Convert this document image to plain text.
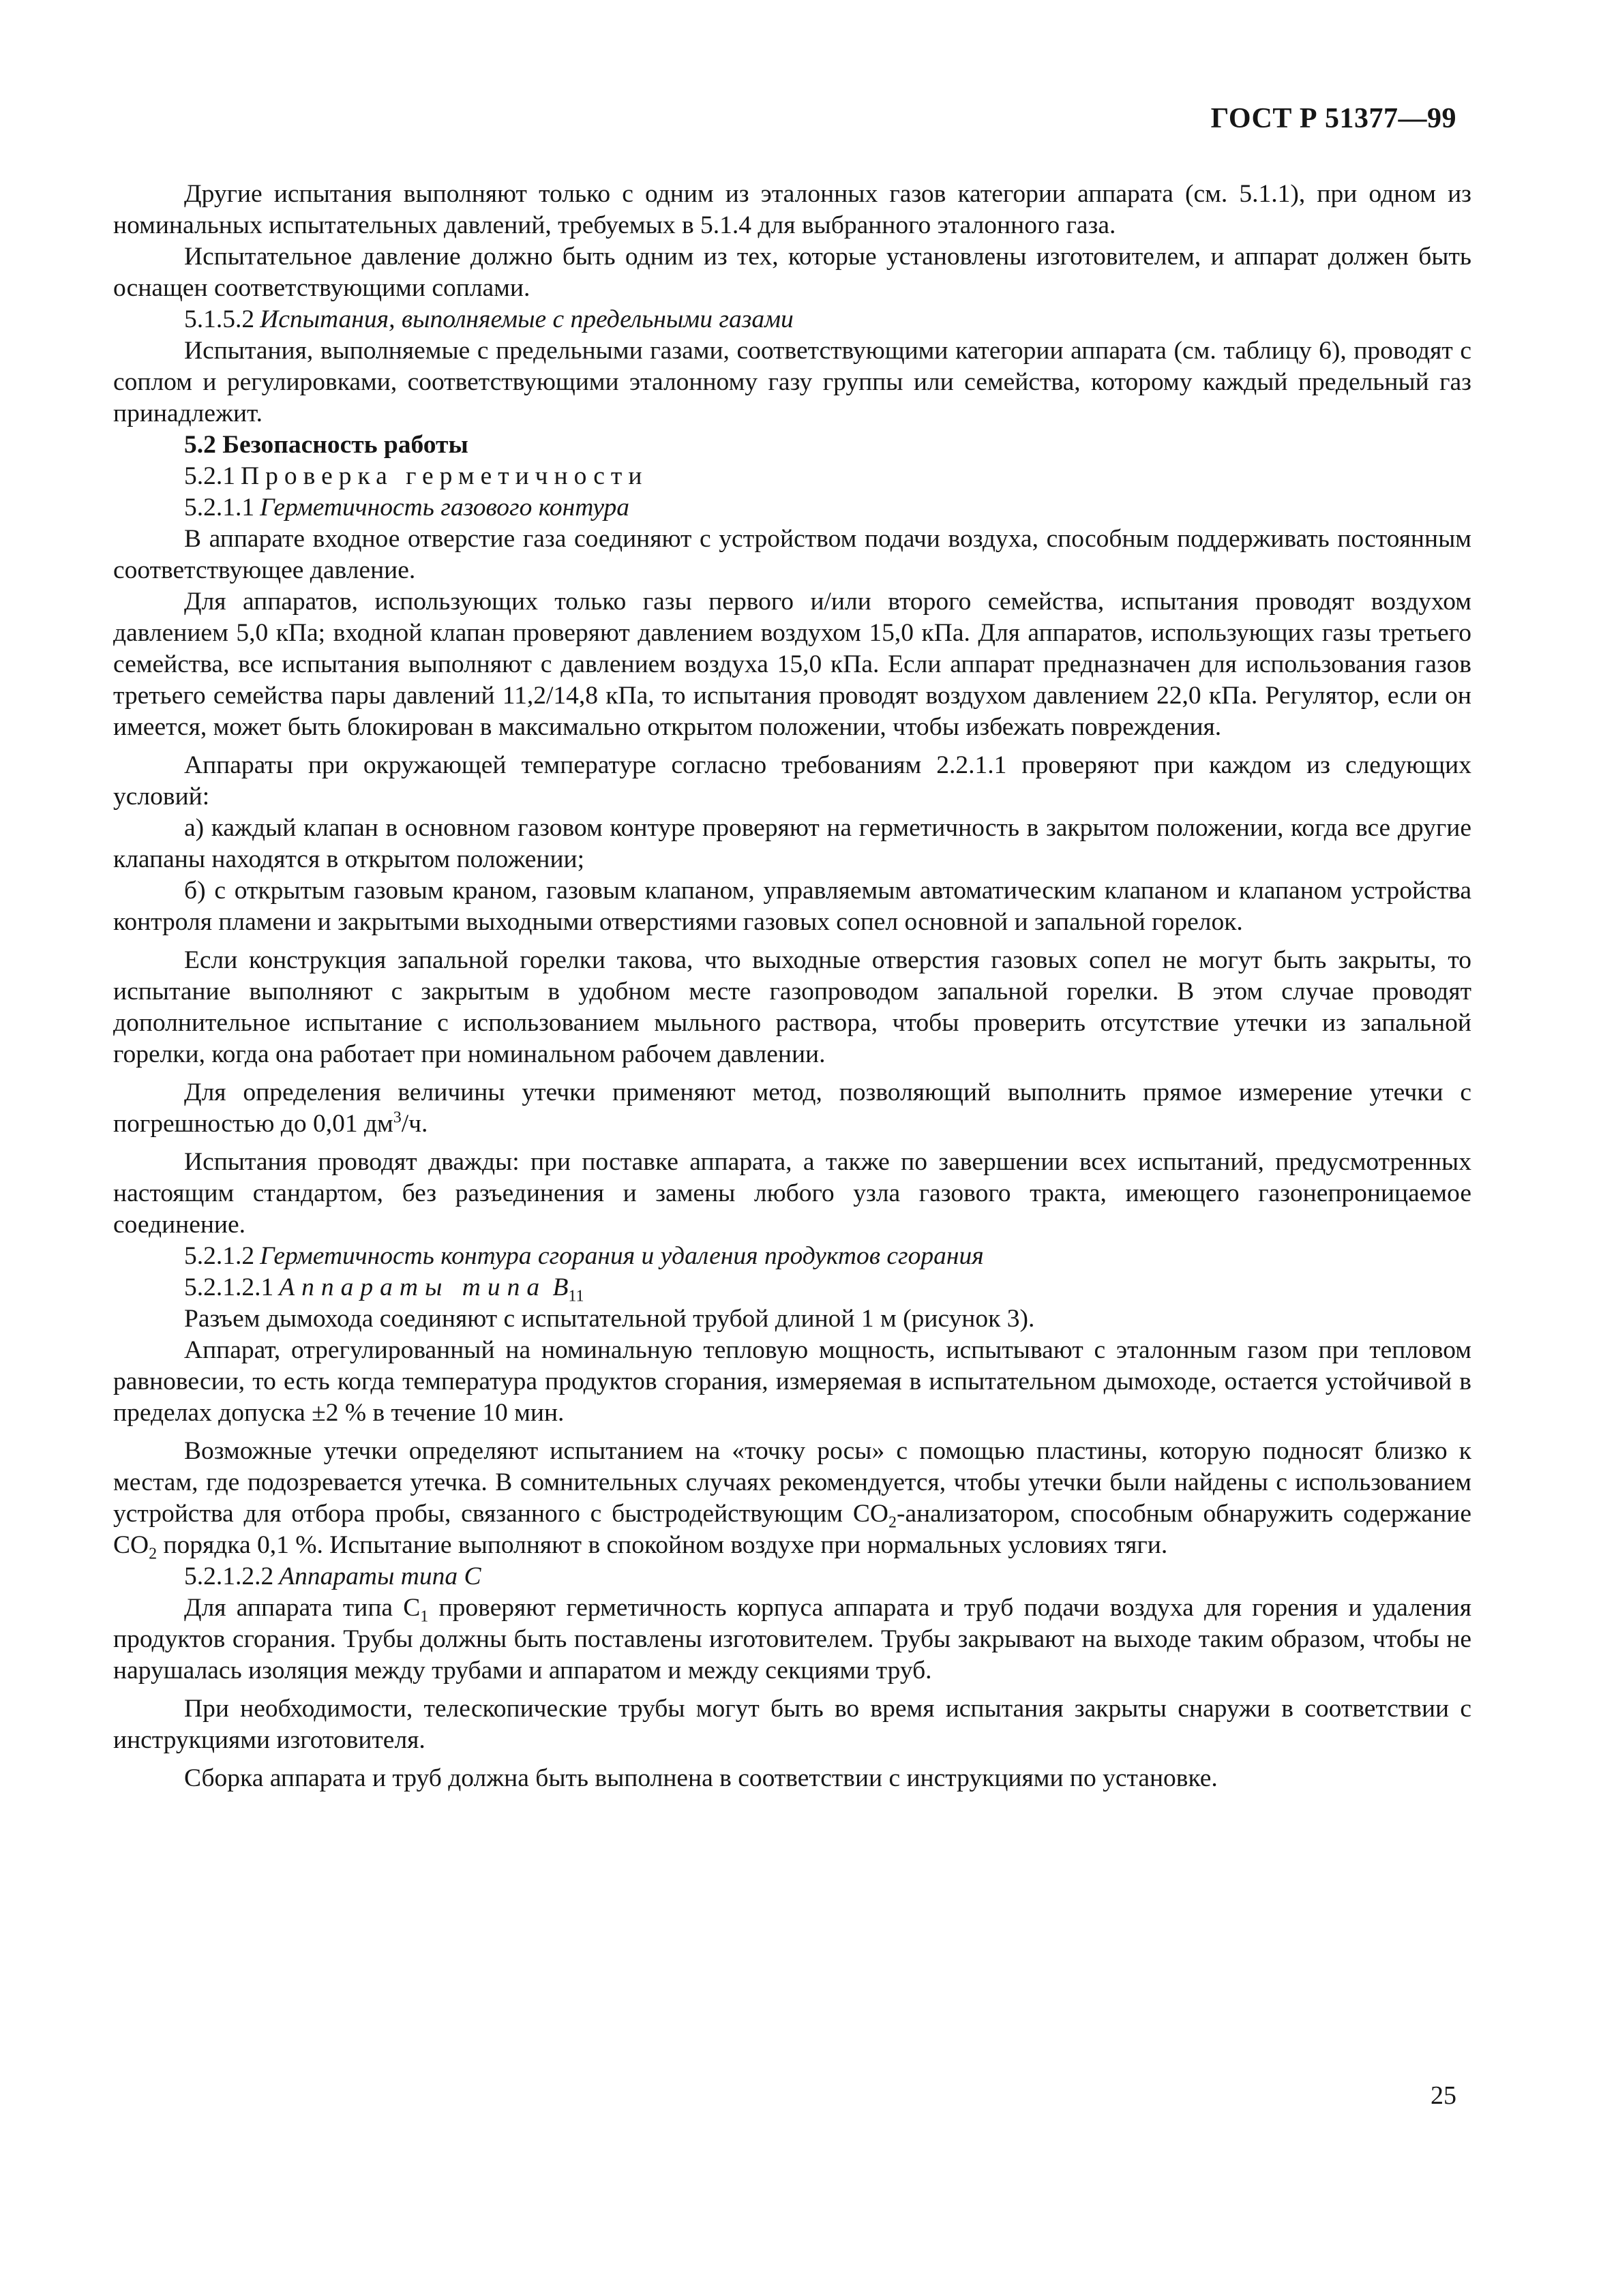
ГОСТ Р 51377—99

Другие испытания выполняют только с одним из эталонных газов категории аппарата (см. 5.1.1), при одном из номинальных испытательных давлений, требуемых в 5.1.4 для выбранного эталонного газа.

Испытательное давление должно быть одним из тех, которые установлены изготовителем, и аппарат должен быть оснащен соответствующими соплами.

5.1.5.2 Испытания, выполняемые с предельными газами

Испытания, выполняемые с предельными газами, соответствующими категории аппарата (см. таблицу 6), проводят с соплом и регулировками, соответствующими эталонному газу группы или семейства, которому каждый предельный газ принадлежит.

5.2 Безопасность работы

5.2.1 Проверка герметичности

5.2.1.1 Герметичность газового контура

В аппарате входное отверстие газа соединяют с устройством подачи воздуха, способным поддерживать постоянным соответствующее давление.

Для аппаратов, использующих только газы первого и/или второго семейства, испытания проводят воздухом давлением 5,0 кПа; входной клапан проверяют давлением воздухом 15,0 кПа. Для аппаратов, использующих газы третьего семейства, все испытания выполняют с давлением воздуха 15,0 кПа. Если аппарат предназначен для использования газов третьего семейства пары давлений 11,2/14,8 кПа, то испытания проводят воздухом давлением 22,0 кПа. Регулятор, если он имеется, может быть блокирован в максимально открытом положении, чтобы избежать повреждения.

Аппараты при окружающей температуре согласно требованиям 2.2.1.1 проверяют при каждом из следующих условий:

а) каждый клапан в основном газовом контуре проверяют на герметичность в закрытом положении, когда все другие клапаны находятся в открытом положении;

б) с открытым газовым краном, газовым клапаном, управляемым автоматическим клапаном и клапаном устройства контроля пламени и закрытыми выходными отверстиями газовых сопел основной и запальной горелок.

Если конструкция запальной горелки такова, что выходные отверстия газовых сопел не могут быть закрыты, то испытание выполняют с закрытым в удобном месте газопроводом запальной горелки. В этом случае проводят дополнительное испытание с использованием мыльного раствора, чтобы проверить отсутствие утечки из запальной горелки, когда она работает при номинальном рабочем давлении.

Для определения величины утечки применяют метод, позволяющий выполнить прямое измерение утечки с погрешностью до 0,01 $дм^3/ч$.

Испытания проводят дважды: при поставке аппарата, а также по завершении всех испытаний, предусмотренных настоящим стандартом, без разъединения и замены любого узла газового тракта, имеющего газонепроницаемое соединение.

5.2.1.2 Герметичность контура сгорания и удаления продуктов сгорания

5.2.1.2.1 Аппараты типа $B_{11}$

Разъем дымохода соединяют с испытательной трубой длиной 1 м (рисунок 3).

Аппарат, отрегулированный на номинальную тепловую мощность, испытывают с эталонным газом при тепловом равновесии, то есть когда температура продуктов сгорания, измеряемая в испытательном дымоходе, остается устойчивой в пределах допуска ±2 % в течение 10 мин.

Возможные утечки определяют испытанием на «точку росы» с помощью пластины, которую подносят близко к местам, где подозревается утечка. В сомнительных случаях рекомендуется, чтобы утечки были найдены с использованием устройства для отбора пробы, связанного с быстродействующим $СО_2$-анализатором, способным обнаружить содержание $СО_2$ порядка 0,1 %. Испытание выполняют в спокойном воздухе при нормальных условиях тяги.

5.2.1.2.2 Аппараты типа С

Для аппарата типа $С_1$ проверяют герметичность корпуса аппарата и труб подачи воздуха для горения и удаления продуктов сгорания. Трубы должны быть поставлены изготовителем. Трубы закрывают на выходе таким образом, чтобы не нарушалась изоляция между трубами и аппаратом и между секциями труб.

При необходимости, телескопические трубы могут быть во время испытания закрыты снаружи в соответствии с инструкциями изготовителя.

Сборка аппарата и труб должна быть выполнена в соответствии с инструкциями по установке.

25
